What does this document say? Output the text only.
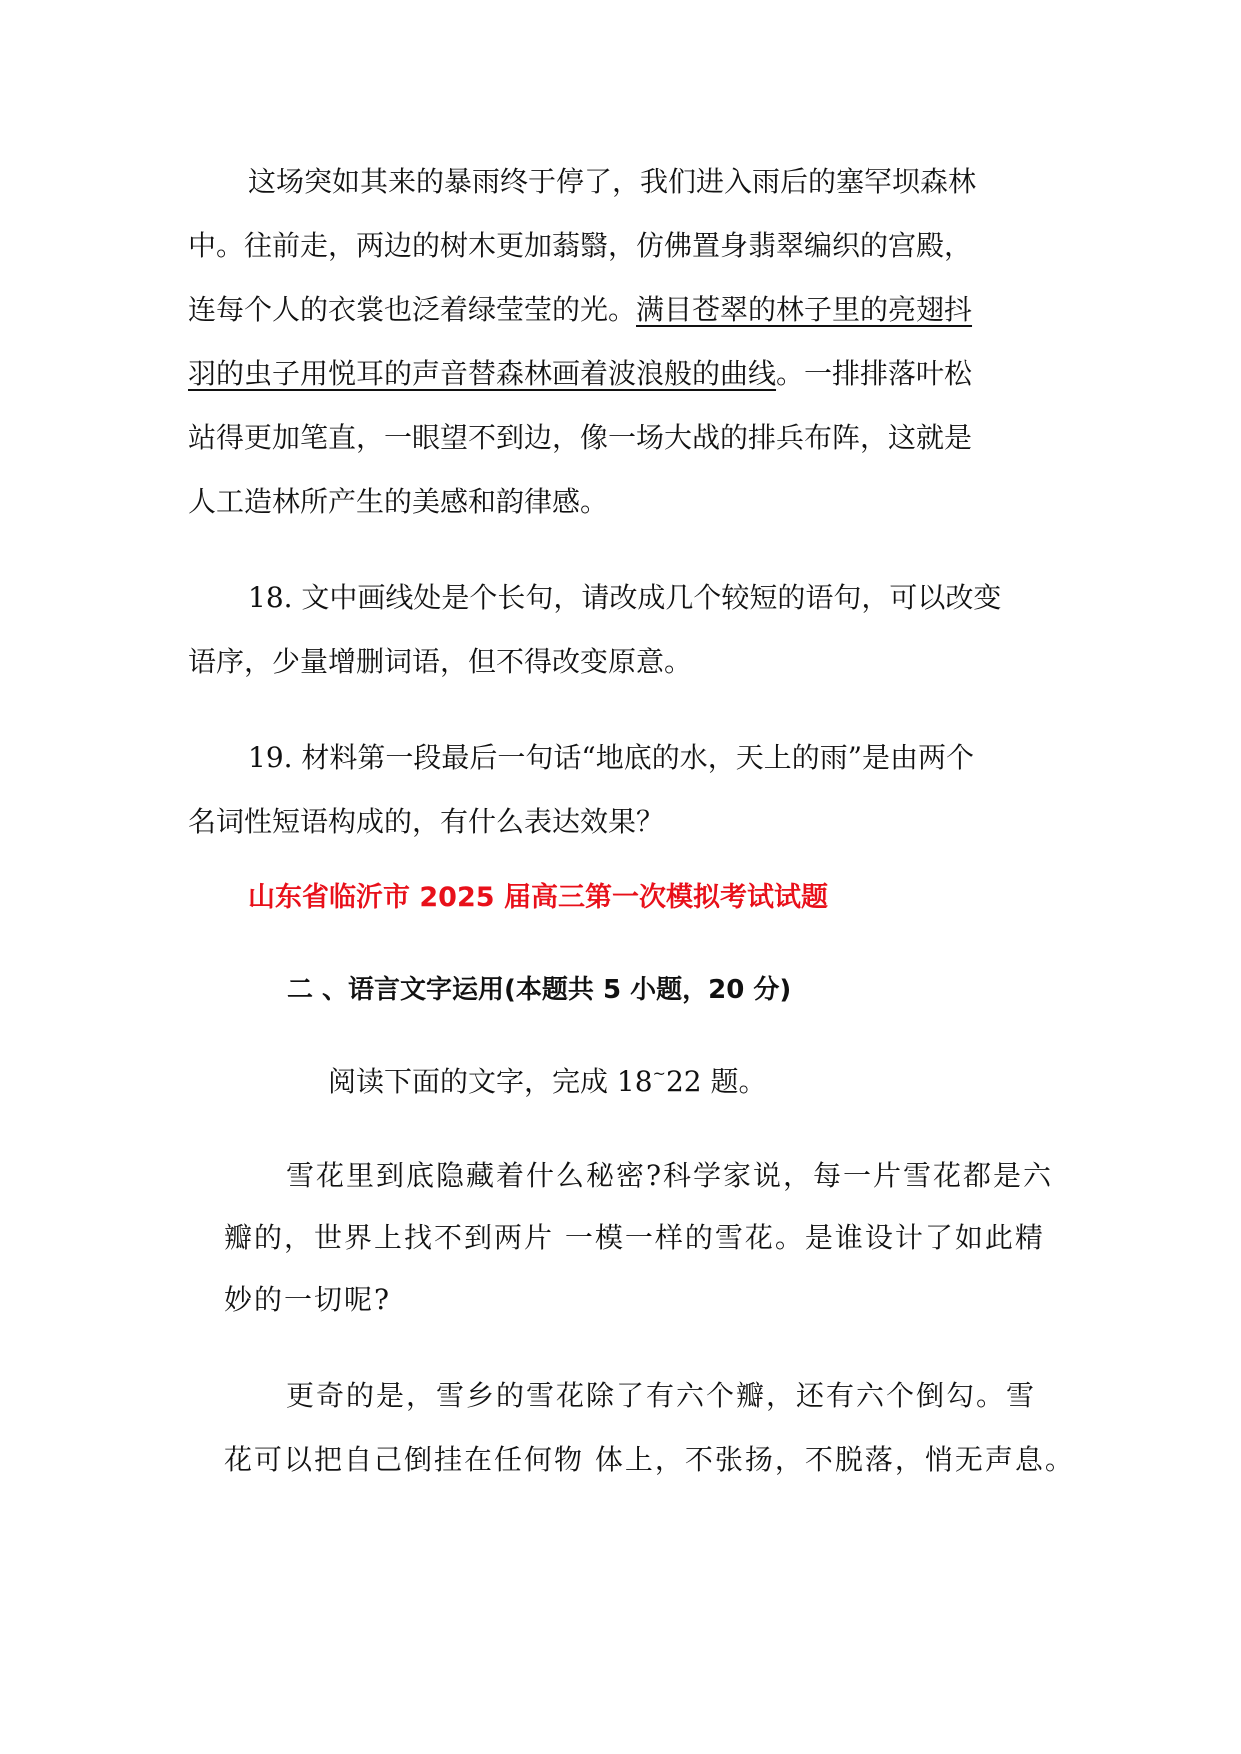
这场突如其来的暴雨终于停了，我们进入雨后的塞罕坝森林
中。往前走，两边的树木更加蓊翳，仿佛置身翡翠编织的宫殿，
连每个人的衣裳也泛着绿莹莹的光。满目苍翠的林子里的亮翅抖
羽的虫子用悦耳的声音替森林画着波浪般的曲线。一排排落叶松
站得更加笔直，一眼望不到边，像一场大战的排兵布阵，这就是
人工造林所产生的美感和韵律感。
18. 文中画线处是个长句，请改成几个较短的语句，可以改变
语序，少量增删词语，但不得改变原意。
19. 材料第一段最后一句话“地底的水，天上的雨”是由两个
名词性短语构成的，有什么表达效果？
山东省临沂市 2025 届高三第一次模拟考试试题
二 、语言文字运用(本题共 5 小题，20 分)
阅读下面的文字，完成 18~22 题。
雪花里到底隐藏着什么秘密?科学家说，每一片雪花都是六
瓣的，世界上找不到两片 一模一样的雪花。是谁设计了如此精
妙的一切呢?
更奇的是，雪乡的雪花除了有六个瓣，还有六个倒勾。雪
花可以把自己倒挂在任何物 体上，不张扬，不脱落，悄无声息。
